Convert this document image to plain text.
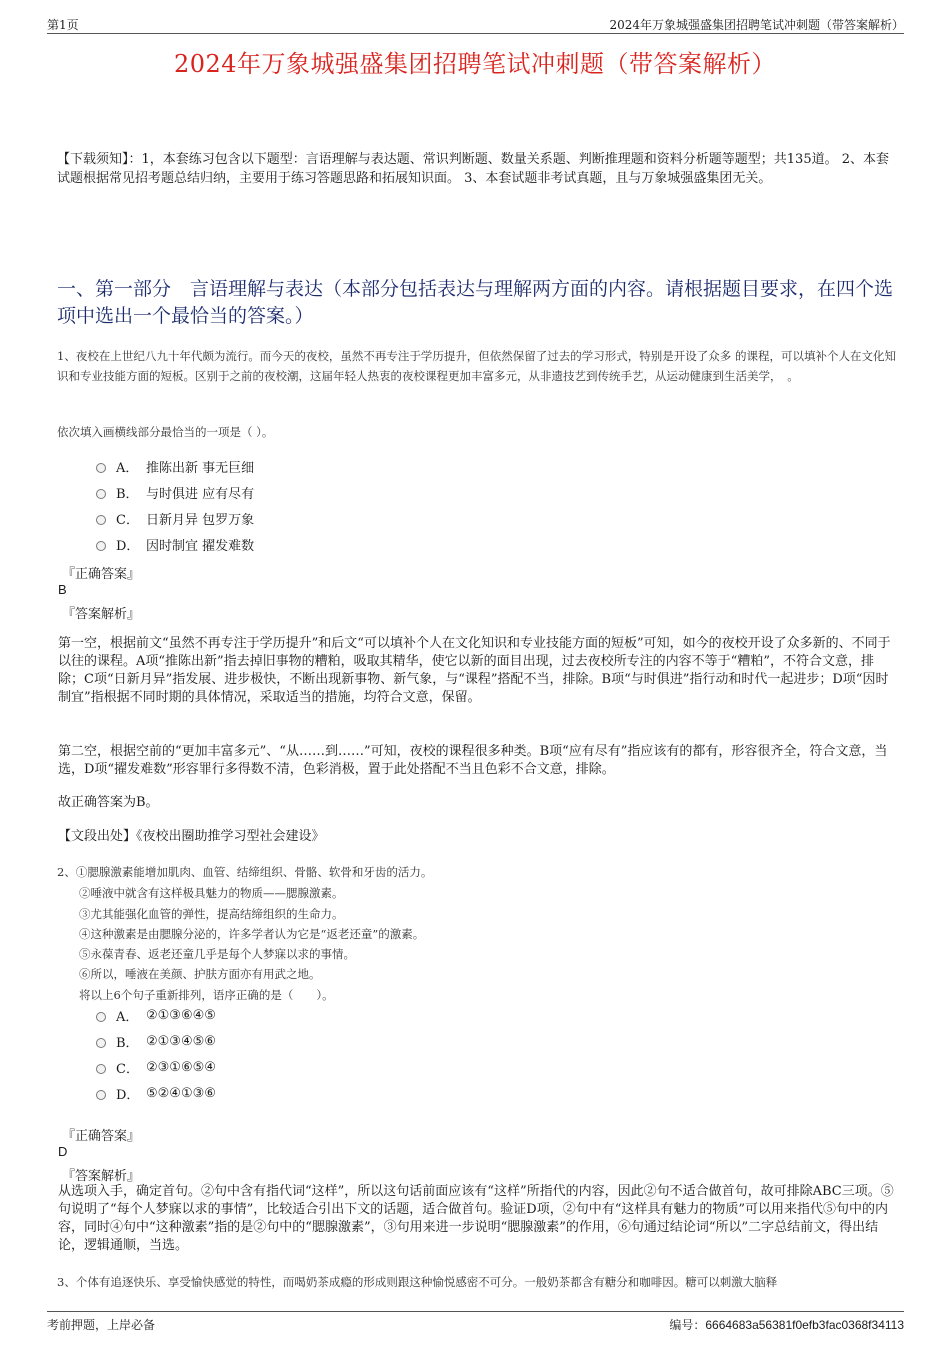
第1页	2024年万象城强盛集团招聘笔试冲刺题（带答案解析）
2024年万象城强盛集团招聘笔试冲刺题（带答案解析）
【下载须知】：1，本套练习包含以下题型：言语理解与表达题、常识判断题、数量关系题、判断推理题和资料分析题等题型；共135道。 2、本套试题根据常见招考题总结归纳，主要用于练习答题思路和拓展知识面。 3、本套试题非考试真题，且与万象城强盛集团无关。
一、第一部分　言语理解与表达（本部分包括表达与理解两方面的内容。请根据题目要求，在四个选项中选出一个最恰当的答案。）
1、夜校在上世纪八九十年代颇为流行。而今天的夜校，虽然不再专注于学历提升，但依然保留了过去的学习形式，特别是开设了众多 的课程，可以填补个人在文化知识和专业技能方面的短板。区别于之前的夜校潮，这届年轻人热衷的夜校课程更加丰富多元，从非遗技艺到传统手艺，从运动健康到生活美学，　。
依次填入画横线部分最恰当的一项是（ ）。
A． 推陈出新 事无巨细
B． 与时俱进 应有尽有
C． 日新月异 包罗万象
D． 因时制宜 擢发难数
『正确答案』
B
『答案解析』
第一空，根据前文“虽然不再专注于学历提升”和后文“可以填补个人在文化知识和专业技能方面的短板”可知，如今的夜校开设了众多新的、不同于以往的课程。A项“推陈出新”指去掉旧事物的糟粕，吸取其精华，使它以新的面目出现，过去夜校所专注的内容不等于“糟粕”，不符合文意，排除；C项“日新月异”指发展、进步极快，不断出现新事物、新气象，与“课程”搭配不当，排除。B项“与时俱进”指行动和时代一起进步；D项“因时制宜”指根据不同时期的具体情况，采取适当的措施，均符合文意，保留。
第二空，根据空前的“更加丰富多元”、“从……到……”可知，夜校的课程很多种类。B项“应有尽有”指应该有的都有，形容很齐全，符合文意，当选，D项“擢发难数”形容罪行多得数不清，色彩消极，置于此处搭配不当且色彩不合文意，排除。
故正确答案为B。
【文段出处】《夜校出圈助推学习型社会建设》
2、①腮腺激素能增加肌肉、血管、结缔组织、骨骼、软骨和牙齿的活力。
②唾液中就含有这样极具魅力的物质——腮腺激素。
③尤其能强化血管的弹性，提高结缔组织的生命力。
④这种激素是由腮腺分泌的，许多学者认为它是“返老还童”的激素。
⑤永葆青春、返老还童几乎是每个人梦寐以求的事情。
⑥所以，唾液在美颜、护肤方面亦有用武之地。
将以上6个句子重新排列，语序正确的是（　　）。
A． ②①③⑥④⑤
B． ②①③④⑤⑥
C． ②③①⑥⑤④
D． ⑤②④①③⑥
『正确答案』
D
『答案解析』
从选项入手，确定首句。②句中含有指代词“这样”，所以这句话前面应该有“这样”所指代的内容，因此②句不适合做首句，故可排除ABC三项。⑤句说明了“每个人梦寐以求的事情”，比较适合引出下文的话题，适合做首句。验证D项，②句中有“这样具有魅力的物质”可以用来指代⑤句中的内容，同时④句中“这种激素”指的是②句中的“腮腺激素”，③句用来进一步说明“腮腺激素”的作用，⑥句通过结论词“所以”二字总结前文，得出结论，逻辑通顺，当选。
3、个体有追逐快乐、享受愉快感觉的特性，而喝奶茶成瘾的形成则跟这种愉悦感密不可分。一般奶茶都含有糖分和咖啡因。糖可以刺激大脑释
考前押题，上岸必备	编号：6664683a56381f0efb3fac0368f34113
